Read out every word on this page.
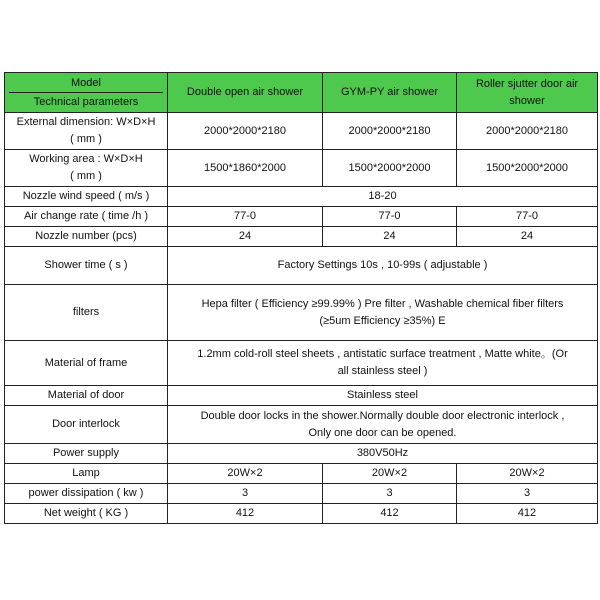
Model
Technical parameters	Double open air shower	GYM-PY air shower	Roller sjutter door air shower

External dimension: W×D×H
( mm )	2000*2000*2180	2000*2000*2180	2000*2000*2180

Working area : W×D×H
( mm )	1500*1860*2000	1500*2000*2000	1500*2000*2000
Nozzle wind speed ( m/s )	18-20		
Air change rate ( time /h )	77-0	77-0	77-0
Nozzle number (pcs)	24	24	24
Shower time ( s )	Factory Settings 10s , 10-99s ( adjustable )		
filters	Hepa filter ( Efficiency ≥99.99% ) Pre filter , Washable chemical fiber filters
(≥5um Efficiency ≥35%) E		

Material of frame	1.2mm cold-roll steel sheets , antistatic surface treatment , Matte white。(Or
all stainless steel )		

Material of door	Stainless steel		
Door interlock	Double door locks in the shower.Normally double door electronic interlock ,
Only one door can be opened.		

Power supply	380V50Hz		
Lamp	20W×2	20W×2	20W×2
power dissipation ( kw )	3	3	3
Net weight ( KG )	412	412	412
